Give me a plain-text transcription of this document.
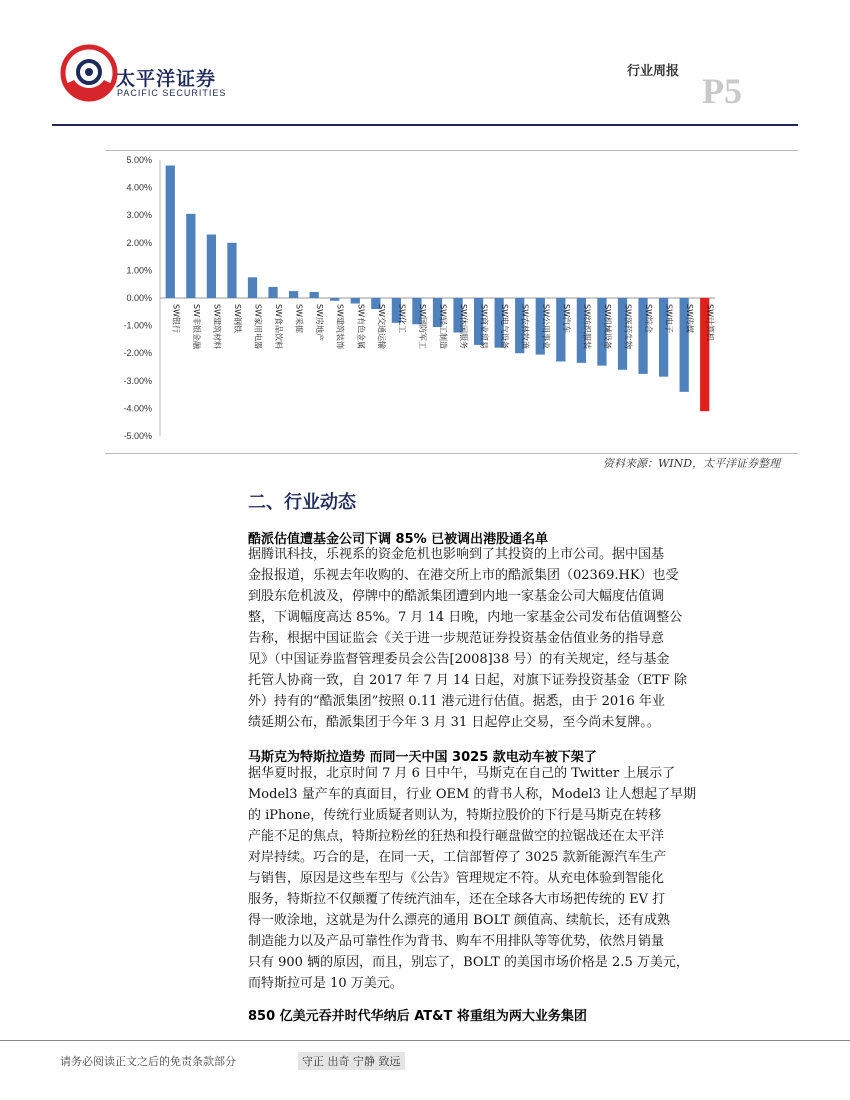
太平洋证券
PACIFIC SECURITIES
行业周报 P5
5.00%
4.00%
3.00%
2.00%
1.00%
0.00%
-1.00%
-2.00%
-3.00%
-4.00%
-5.00%
SW银行 SW非银金融 SW建筑材料 SW钢铁 SW家用电器 SW食品饮料 SW采掘 SW房地产 SW建筑装饰 SW有色金属 SW交通运输 SW化工 SW国防军工 SW轻工制造 SW休闲服务 SW商业贸易 SW电气设备 SW农林牧渔 SW公用事业 SW汽车 SW纺织服装 SW机械设备 SW医药生物 SW综合 SW电子 SW传媒 SW计算机
资料来源：WIND，太平洋证券整理
二、行业动态
酷派估值遭基金公司下调 85% 已被调出港股通名单
据腾讯科技，乐视系的资金危机也影响到了其投资的上市公司。据中国基
金报报道，乐视去年收购的、在港交所上市的酷派集团（02369.HK）也受
到股东危机波及，停牌中的酷派集团遭到内地一家基金公司大幅度估值调
整，下调幅度高达 85%。7 月 14 日晚，内地一家基金公司发布估值调整公
告称，根据中国证监会《关于进一步规范证券投资基金估值业务的指导意
见》（中国证券监督管理委员会公告[2008]38 号）的有关规定，经与基金
托管人协商一致，自 2017 年 7 月 14 日起，对旗下证券投资基金（ETF 除
外）持有的“酷派集团”按照 0.11 港元进行估值。据悉，由于 2016 年业
绩延期公布，酷派集团于今年 3 月 31 日起停止交易，至今尚未复牌。。
马斯克为特斯拉造势 而同一天中国 3025 款电动车被下架了
据华夏时报，北京时间 7 月 6 日中午，马斯克在自己的 Twitter 上展示了
Model3 量产车的真面目，行业 OEM 的背书人称，Model3 让人想起了早期
的 iPhone，传统行业质疑者则认为，特斯拉股价的下行是马斯克在转移
产能不足的焦点，特斯拉粉丝的狂热和投行砸盘做空的拉锯战还在太平洋
对岸持续。巧合的是，在同一天，工信部暂停了 3025 款新能源汽车生产
与销售，原因是这些车型与《公告》管理规定不符。从充电体验到智能化
服务，特斯拉不仅颠覆了传统汽油车，还在全球各大市场把传统的 EV 打
得一败涂地，这就是为什么漂亮的通用 BOLT 颜值高、续航长，还有成熟
制造能力以及产品可靠性作为背书、购车不用排队等等优势，依然月销量
只有 900 辆的原因，而且，别忘了，BOLT 的美国市场价格是 2.5 万美元，
而特斯拉可是 10 万美元。
850 亿美元吞并时代华纳后 AT&T 将重组为两大业务集团
请务必阅读正文之后的免责条款部分	守正 出奇 宁静 致远
